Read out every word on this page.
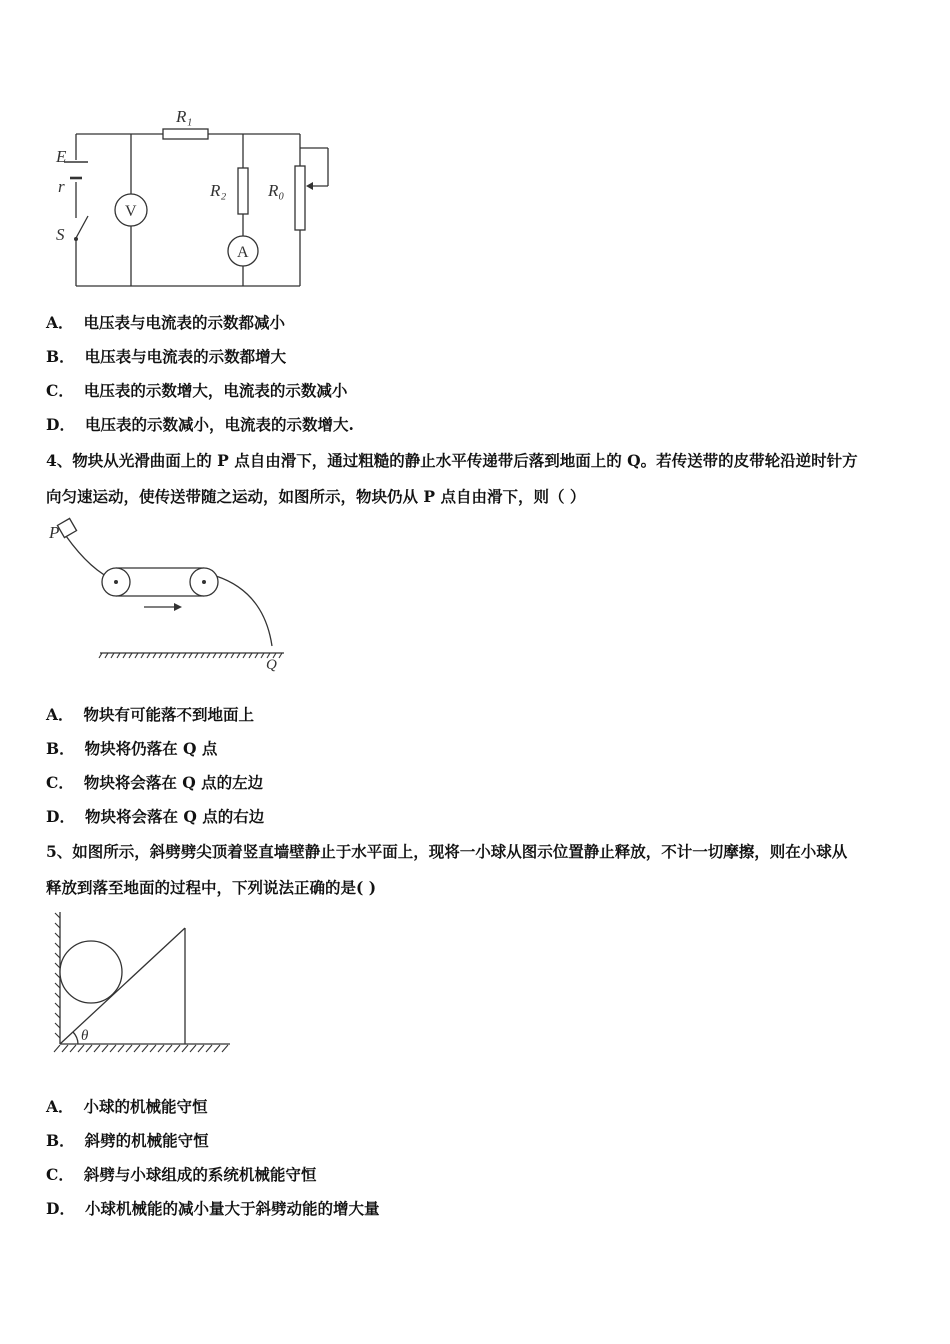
R₁
E
r
S
V
R₂
A
R₀
A． 电压表与电流表的示数都减小
B． 电压表与电流表的示数都增大
C． 电压表的示数增大，电流表的示数减小
D． 电压表的示数减小，电流表的示数增大.
4、物块从光滑曲面上的 P 点自由滑下，通过粗糙的静止水平传递带后落到地面上的 Q。若传送带的皮带轮沿逆时针方
向匀速运动，使传送带随之运动，如图所示，物块仍从 P 点自由滑下，则（ ）
P
Q
A． 物块有可能落不到地面上
B． 物块将仍落在 Q 点
C． 物块将会落在 Q 点的左边
D． 物块将会落在 Q 点的右边
5、如图所示，斜劈劈尖顶着竖直墙壁静止于水平面上，现将一小球从图示位置静止释放，不计一切摩擦，则在小球从
释放到落至地面的过程中，下列说法正确的是( )
θ
A． 小球的机械能守恒
B． 斜劈的机械能守恒
C． 斜劈与小球组成的系统机械能守恒
D． 小球机械能的减小量大于斜劈动能的增大量
